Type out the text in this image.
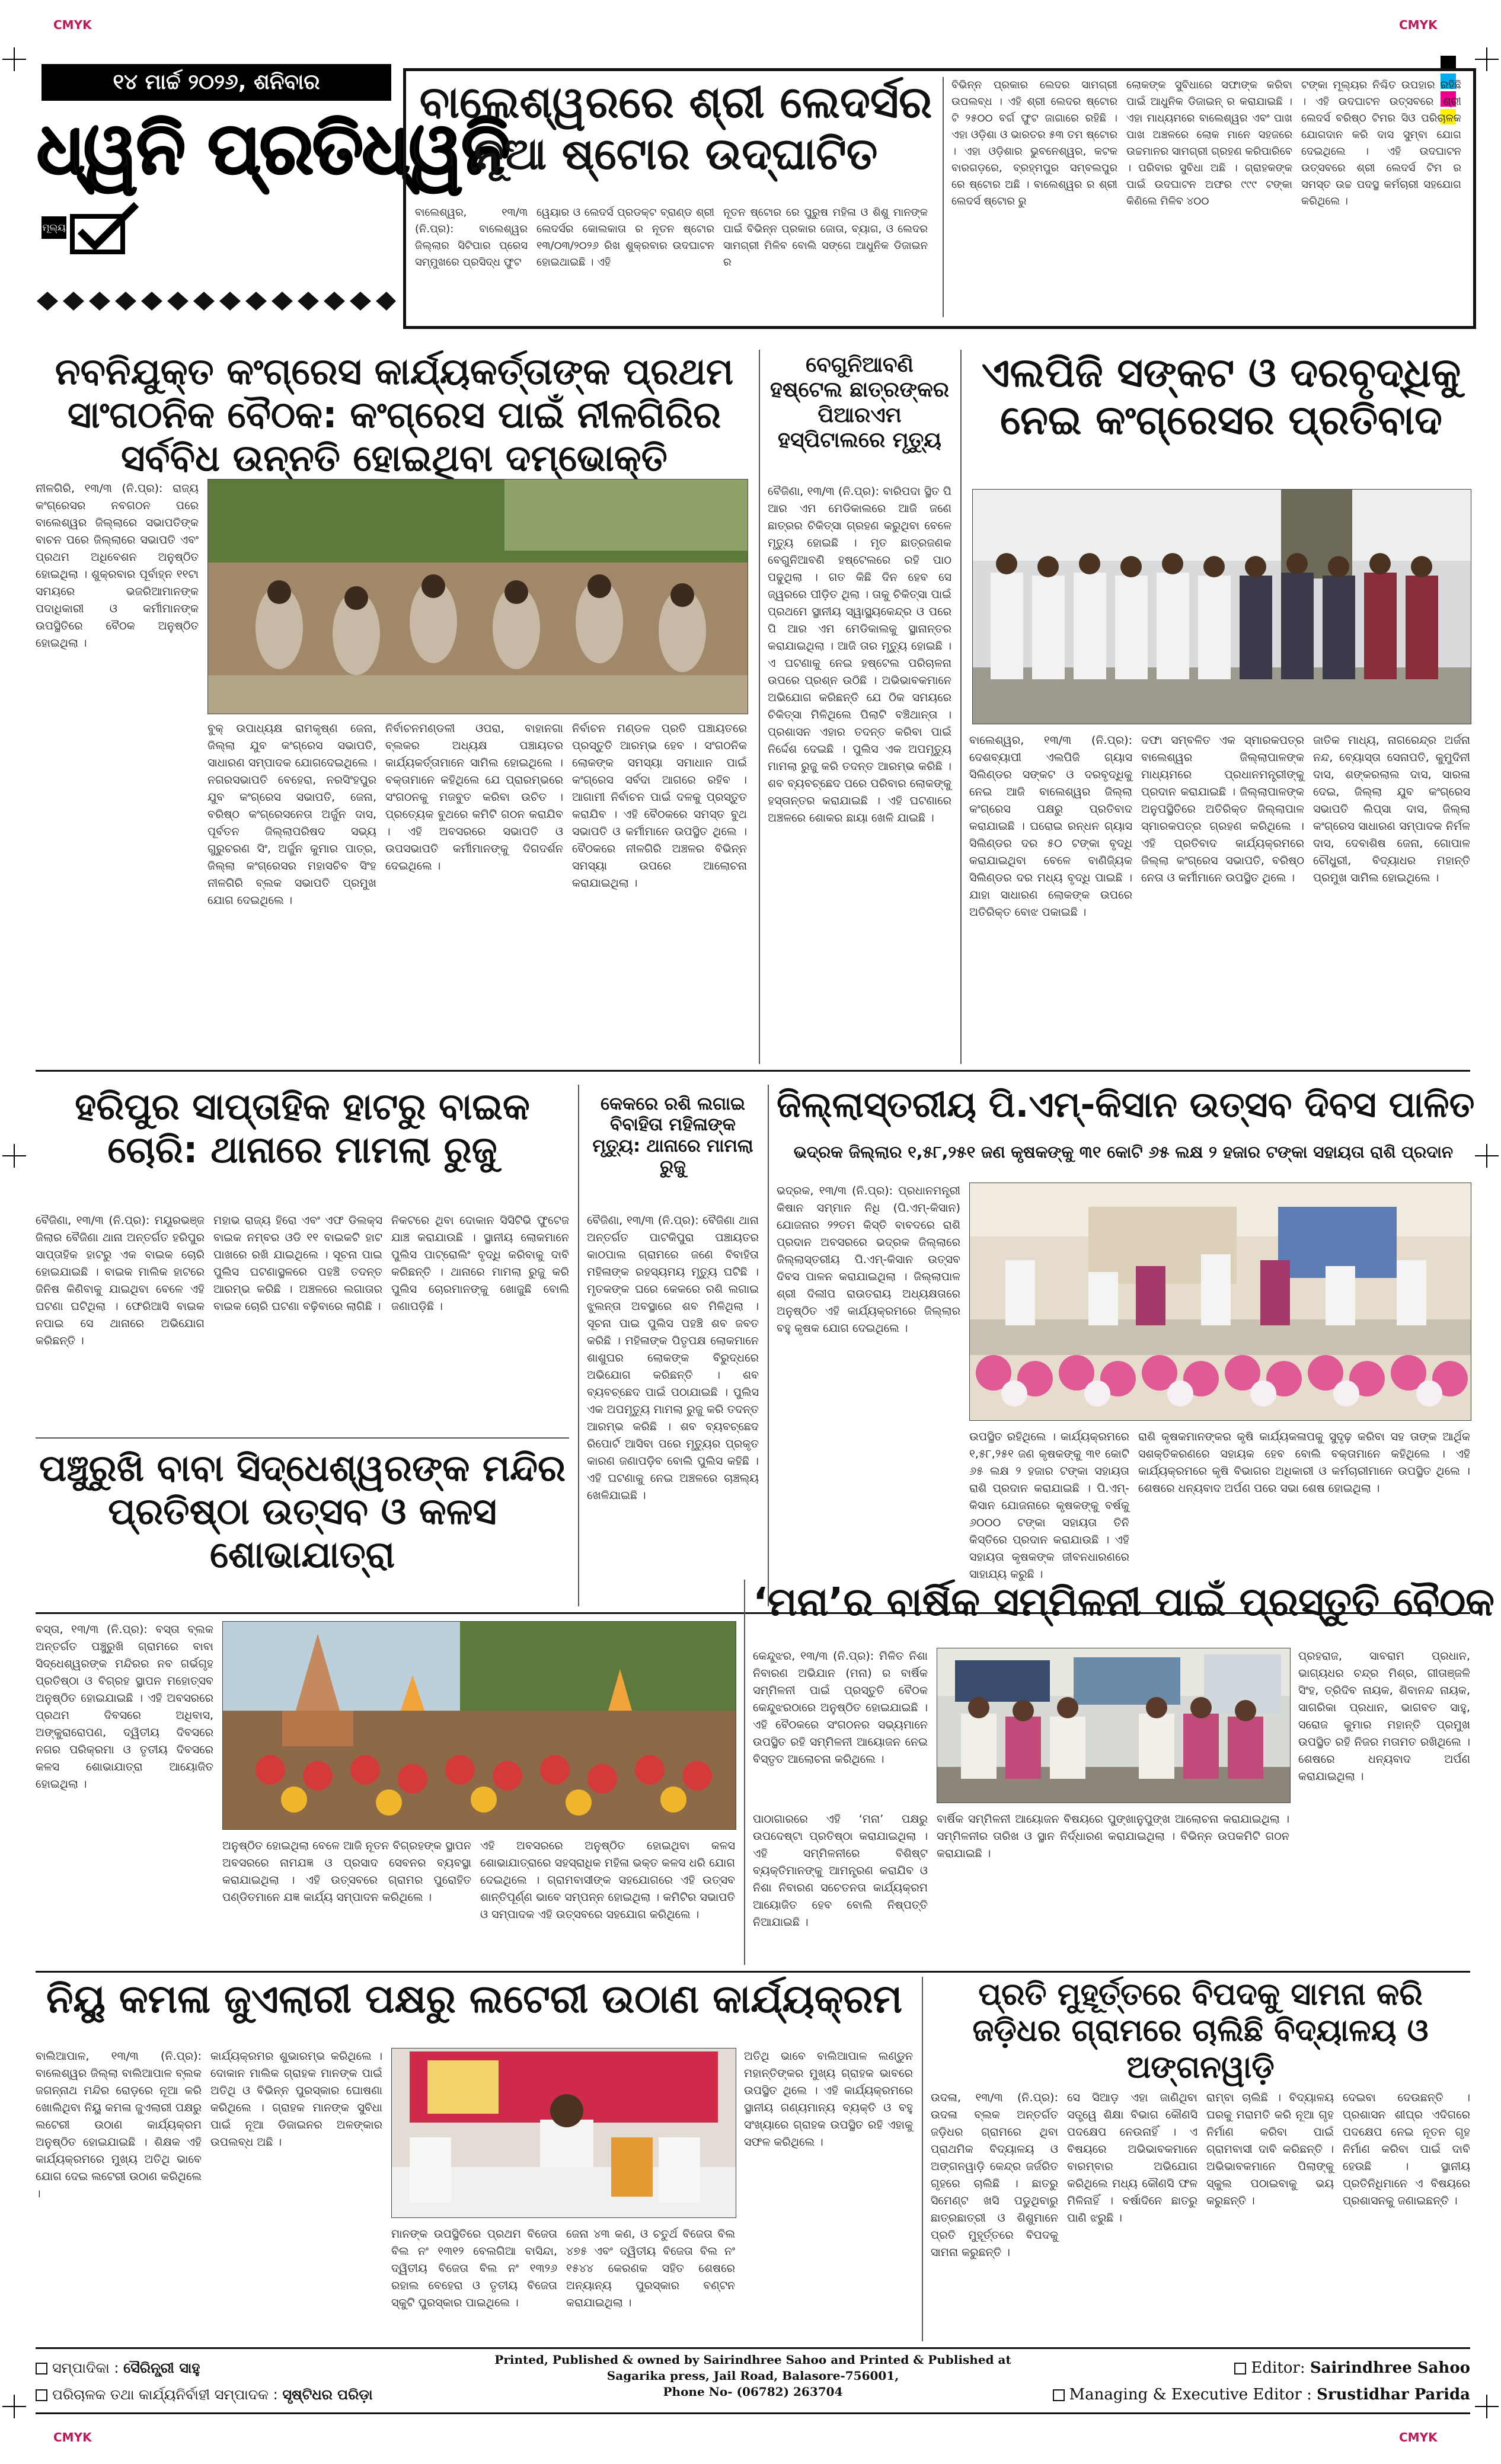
CMYK	CMYK
CMYK	CMYK
୧୪ ମାର୍ଚ୍ଚ ୨୦୨୬, ଶନିବାର
ଧ୍ୱନି ପ୍ରତିଧ୍ୱନି
ମୂଲ୍ୟ
ବାଲେଶ୍ୱରରେ ଶ୍ରୀ ଲେଦର୍ସର ନୂଆ ଷ୍ଟୋର ଉଦ୍‌ଘାଟିତ
ବାଲେଶ୍ୱର, ୧୩/୩ (ନି.ପ୍ର): ବାଲେଶ୍ୱର ଜିଲ୍ଲାର ସିଟିପାର ପ୍ରେସ ସମ୍ମୁଖରେ ପ୍ରସିଦ୍ଧ ଫୁଟ
ୱେୟାର ଓ ଲେଦର୍ସ ପ୍ରଡକ୍ଟ ବ୍ରାଣ୍ଡ ଶ୍ରୀ ଲେଦର୍ସର କୋଲକାତା ର ନୂତନ ଷ୍ଟୋର ୧୩/୦୩/୨୦୨୬ ରିଖ ଶୁକ୍ରବାର ଉଦଘାଟନ ହୋଇଥାଇଛି । ଏହି
ନୂତନ ଷ୍ଟୋର ରେ ପୁରୁଷ ମହିଳା ଓ ଶିଶୁ ମାନଙ୍କ ପାଇଁ ବିଭିନ୍ନ ପ୍ରକାର ଜୋତା, ବ୍ୟାଗ, ଓ ଲେଦର ସାମଗ୍ରୀ ମିଳିବ ବୋଲି ସଙ୍ଗେ ଆଧୁନିକ ଡିଜାଇନ ର
ବିଭିନ୍ନ ପ୍ରକାର ଲେଦର ସାମଗ୍ରୀ ଉପଲବ୍ଧ । ଏହି ଶ୍ରୀ ଲେଦର ଷ୍ଟୋର ଟି ୨୫୦୦ ବର୍ଗ ଫୁଟ ଜାଗାରେ ରହିଛି । ଏହା ଓଡ଼ିଶା ଓ ଭାରତର ୫୩ ତମ ଷ୍ଟୋର । ଏହା ଓଡ଼ିଶାର ଭୁବନେଶ୍ୱର, କଟକ ବାରଗଡ଼ରେ, ବ୍ରହ୍ମପୁର ସମ୍ବଲପୁର ରେ ଷ୍ଟୋର ଅଛି । ବାଲେଶ୍ୱର ର ଶ୍ରୀ ଲେଦର୍ସ ଷ୍ଟୋର ରୁ
ଲୋକଙ୍କ ସୁବିଧାରେ ସଫାଙ୍କ କରିବା ପାଇଁ ଆଧୁନିକ ଡିଜାଇନ୍ ର କରାଯାଇଛି । ଏହା ମାଧ୍ୟମରେ ବାଲେଶ୍ୱର ଏବଂ ପାଖ ପାଖ ଅଞ୍ଚଳରେ ଲୋକ ମାନେ ସହଜରେ ଉଚ୍ଚମାନର ସାମଗ୍ରୀ ଗ୍ରହଣ କରିପାରିବେ । ପରିବାର ସୁବିଧା ଅଛି । ଗ୍ରାହକଙ୍କ ପାଇଁ ଉଦଘାଟନ ଅଫର ୯୯୯ ଟଙ୍କା କିଣିଲେ ମିଳିବ ୪୦୦
ଟଙ୍କା ମୂଲ୍ୟର ନିଶ୍ଚିତ ଉପହାର ରହିଛି । ଏହି ଉଦଘାଟନ ଉତ୍ସବରେ ଶ୍ରୀ ଲେଦର୍ସ ବରିଷ୍ଠ ଟିମର ସିଓ ପରିଚାଳକ ଯୋଗଦାନ କରି ଦାସ ସୁମ୍ବା ଯୋଗ ଦେଇଥିଲେ । ଏହି ଉଦଘାଟନ ଉତ୍ସବରେ ଶ୍ରୀ ଲେଦର୍ସ ଟିମ ର ସମସ୍ତ ଉଚ୍ଚ ପଦସ୍ଥ କର୍ମଚାରୀ ସହଯୋଗ କରିଥିଲେ ।
ନବନିଯୁକ୍ତ କଂଗ୍ରେସ କାର୍ଯ୍ୟକର୍ତ୍ତାଙ୍କ ପ୍ରଥମ ସାଂଗଠନିକ ବୈଠକ: କଂଗ୍ରେସ ପାଇଁ ନୀଳଗିରିର ସର୍ବବିଧ ଉନ୍ନତି ହୋଇଥିବା ଦମ୍ଭୋକ୍ତି
ନୀଳଗିରି, ୧୩/୩ (ନି.ପ୍ର): ରାଜ୍ୟ କଂଗ୍ରେସର ନବଗଠନ ପରେ ବାଲେଶ୍ୱର ଜିଲ୍ଲାରେ ସଭାପତିଙ୍କ ବାଚନ ପରେ ଜିଲ୍ଲାରେ ସଭାପତି ଏବଂ ପ୍ରଥମ ଅଧିବେଶନ ଅନୁଷ୍ଠିତ ହୋଇଥିଲା । ଶୁକ୍ରବାର ପୂର୍ବାହ୍ନ ୧୧ଟା ସମୟରେ ଭଜରିଆମାନଙ୍କ ପଦାଧିକାରୀ ଓ କର୍ମୀମାନଙ୍କ ଉପସ୍ଥିତିରେ ବୈଠକ ଅନୁଷ୍ଠିତ ହୋଇଥିଲା ।
ବୁକ୍ ଉପାଧ୍ୟକ୍ଷ ରାମକୃଷ୍ଣ ଜେନା, ଜିଲ୍ଲା ଯୁବ କଂଗ୍ରେସ ସଭାପତି, ସାଧାରଣ ସମ୍ପାଦକ ଯୋଗଦେଇଥିଲେ । ନଗରସଭାପତି ବେହେରା, ନରସିଂହପୁର ଯୁବ କଂଗ୍ରେସ ସଭାପତି, ଜେନା, ବରିଷ୍ଠ କଂଗ୍ରେସନେତା ଅର୍ଜୁନ ଦାସ, ପୂର୍ବତନ ଜିଲ୍ଲାପରିଷଦ ସଭ୍ୟ ଗୁରୁଚରଣ ସିଂ, ଅର୍ଜୁନ କୁମାର ପାତ୍ର, ଜିଲ୍ଲା କଂଗ୍ରେସର ମହାସଚିବ ସିଂହ ନୀଳଗିରି ବ୍ଲକ ସଭାପତି ପ୍ରମୁଖ ଯୋଗ ଦେଇଥିଲେ ।
ନିର୍ବାଚନମଣ୍ଡଳୀ ଓପରା, ବାହାନଗା ବ୍ଲକର ଅଧ୍ୟକ୍ଷ ପଞ୍ଚାୟତର କାର୍ଯ୍ୟକର୍ତ୍ତାମାନେ ସାମିଲ ହୋଇଥିଲେ । ବକ୍ତାମାନେ କହିଥିଲେ ଯେ ପ୍ରାରମ୍ଭରେ ସଂଗଠନକୁ ମଜବୁତ କରିବା ଉଚିତ । ପ୍ରତ୍ୟେକ ବୁଥରେ କମିଟି ଗଠନ କରାଯିବ । ଏହି ଅବସରରେ ସଭାପତି ଓ ଉପସଭାପତି କର୍ମୀମାନଙ୍କୁ ଦିଗଦର୍ଶନ ଦେଇଥିଲେ ।
ନିର୍ବାଚନ ମଣ୍ଡଳ ପ୍ରତି ପଞ୍ଚାୟତରେ ପ୍ରସ୍ତୁତି ଆରମ୍ଭ ହେବ । ସଂଗଠନିକ ଲୋକଙ୍କ ସମସ୍ୟା ସମାଧାନ ପାଇଁ କଂଗ୍ରେସ ସର୍ବଦା ଆଗରେ ରହିବ । ଆଗାମୀ ନିର୍ବାଚନ ପାଇଁ ଦଳକୁ ପ୍ରସ୍ତୁତ କରାଯିବ । ଏହି ବୈଠକରେ ସମସ୍ତ ବୁଥ ସଭାପତି ଓ କର୍ମୀମାନେ ଉପସ୍ଥିତ ଥିଲେ । ବୈଠକରେ ନୀଳଗିରି ଅଞ୍ଚଳର ବିଭିନ୍ନ ସମସ୍ୟା ଉପରେ ଆଲୋଚନା କରାଯାଇଥିଲା ।
ବେଗୁନିଆବଣି ହଷ୍ଟେଲ ଛାତ୍ରଙ୍କର ପିଆରଏମ ହସ୍ପିଟାଲରେ ମୃତ୍ୟୁ
ବୈଜିଣା, ୧୩/୩ (ନି.ପ୍ର): ବାରିପଦା ସ୍ଥିତ ପି ଆର ଏମ ମେଡିକାଲରେ ଆଜି ଜଣେ ଛାତ୍ରର ଚିକିତ୍ସା ଗ୍ରହଣ କରୁଥିବା ବେଳେ ମୃତ୍ୟୁ ହୋଇଛି । ମୃତ ଛାତ୍ରଜଣକ ବେଗୁନିଆବଣି ହଷ୍ଟେଲରେ ରହି ପାଠ ପଢୁଥିଲା । ଗତ କିଛି ଦିନ ହେବ ସେ ଜ୍ୱରରେ ପୀଡ଼ିତ ଥିଲା । ତାକୁ ଚିକିତ୍ସା ପାଇଁ ପ୍ରଥମେ ସ୍ଥାନୀୟ ସ୍ୱାସ୍ଥ୍ୟକେନ୍ଦ୍ର ଓ ପରେ ପି ଆର ଏମ ମେଡିକାଲକୁ ସ୍ଥାନାନ୍ତର କରାଯାଇଥିଲା । ଆଜି ତାର ମୃତ୍ୟୁ ହୋଇଛି । ଏ ଘଟଣାକୁ ନେଇ ହଷ୍ଟେଲ ପରିଚାଳନା ଉପରେ ପ୍ରଶ୍ନ ଉଠିଛି । ଅଭିଭାବକମାନେ ଅଭିଯୋଗ କରିଛନ୍ତି ଯେ ଠିକ ସମୟରେ ଚିକିତ୍ସା ମିଳିଥିଲେ ପିଲାଟି ବଞ୍ଚିଥାନ୍ତା । ପ୍ରଶାସନ ଏହାର ତଦନ୍ତ କରିବା ପାଇଁ ନିର୍ଦ୍ଦେଶ ଦେଇଛି । ପୁଲିସ ଏକ ଅପମୃତ୍ୟୁ ମାମଲା ରୁଜୁ କରି ତଦନ୍ତ ଆରମ୍ଭ କରିଛି । ଶବ ବ୍ୟବଚ୍ଛେଦ ପରେ ପରିବାର ଲୋକଙ୍କୁ ହସ୍ତାନ୍ତର କରାଯାଇଛି । ଏହି ଘଟଣାରେ ଅଞ୍ଚଳରେ ଶୋକର ଛାୟା ଖେଳି ଯାଇଛି ।
ଏଲପିଜି ସଙ୍କଟ ଓ ଦରବୃଦ୍ଧିକୁ ନେଇ କଂଗ୍ରେସର ପ୍ରତିବାଦ
ବାଲେଶ୍ୱର, ୧୩/୩ (ନି.ପ୍ର): ଦେଶବ୍ୟାପୀ ଏଲପିଜି ଗ୍ୟାସ ସିଲିଣ୍ଡର ସଙ୍କଟ ଓ ଦରବୃଦ୍ଧିକୁ ନେଇ ଆଜି ବାଲେଶ୍ୱର ଜିଲ୍ଲା କଂଗ୍ରେସ ପକ୍ଷରୁ ପ୍ରତିବାଦ କରାଯାଇଛି । ଘରୋଇ ରନ୍ଧନ ଗ୍ୟାସ ସିଲିଣ୍ଡର ଦର ୫୦ ଟଙ୍କା ବୃଦ୍ଧି କରାଯାଇଥିବା ବେଳେ ବାଣିଜ୍ୟିକ ସିଲିଣ୍ଡର ଦର ମଧ୍ୟ ବୃଦ୍ଧି ପାଇଛି । ଯାହା ସାଧାରଣ ଲୋକଙ୍କ ଉପରେ ଅତିରିକ୍ତ ବୋଝ ପକାଇଛି ।
ଦଫା ସମ୍ବଳିତ ଏକ ସ୍ମାରକପତ୍ର ବାଲେଶ୍ୱର ଜିଲ୍ଲାପାଳଙ୍କ ମାଧ୍ୟମରେ ପ୍ରଧାନମନ୍ତ୍ରୀଙ୍କୁ ପ୍ରଦାନ କରାଯାଇଛି । ଜିଲ୍ଲାପାଳଙ୍କ ଅନୁପସ୍ଥିତିରେ ଅତିରିକ୍ତ ଜିଲ୍ଲାପାଳ ସ୍ମାରକପତ୍ର ଗ୍ରହଣ କରିଥିଲେ । ଏହି ପ୍ରତିବାଦ କାର୍ଯ୍ୟକ୍ରମରେ ଜିଲ୍ଲା କଂଗ୍ରେସ ସଭାପତି, ବରିଷ୍ଠ ନେତା ଓ କର୍ମୀମାନେ ଉପସ୍ଥିତ ଥିଲେ ।
ଜାତିକ ମାଧ୍ୟ, ନାଗରେନ୍ଦ୍ର ଅର୍ଜନା ନନ୍ଦ, ବ୍ୟୋସ୍ତା ସେନାପତି, କୁମୁଦିନୀ ଦାସ, ଶଙ୍କରଲାଲ ଦାସ, ସାରଳା ଦେଇ, ଜିଲ୍ଲା ଯୁବ କଂଗ୍ରେସ ସଭାପତି ଲିପ୍ସା ଦାସ, ଜିଲ୍ଲା କଂଗ୍ରେସ ସାଧାରଣ ସମ୍ପାଦକ ନିର୍ମଳ ଦାସ, ଦେବାଶିଷ ଜେନା, ଗୋପାଳ ଚୌଧୁରୀ, ବିଦ୍ୟାଧର ମହାନ୍ତି ପ୍ରମୁଖ ସାମିଲ ହୋଇଥିଲେ ।
ହରିପୁର ସାପ୍ତାହିକ ହାଟରୁ ବାଇକ ଚୋରି: ଥାନାରେ ମାମଲା ରୁଜୁ
ବୈଜିଣା, ୧୩/୩ (ନି.ପ୍ର): ମୟୂରଭଞ୍ଜ ଜିଲାର ବୈଜିଣା ଥାନା ଅନ୍ତର୍ଗତ ହରିପୁର ସାପ୍ତାହିକ ହାଟରୁ ଏକ ବାଇକ ଚୋରି ହୋଇଯାଇଛି । ବାଇକ ମାଲିକ ହାଟରେ ଜିନିଷ କିଣିବାକୁ ଯାଇଥିବା ବେଳେ ଏହି ଘଟଣା ଘଟିଥିଲା । ଫେରିଆସି ବାଇକ ନପାଇ ସେ ଥାନାରେ ଅଭିଯୋଗ କରିଛନ୍ତି ।
ମହାଭ ରାଜ୍ୟ ହିରୋ ଏବଂ ଏଫ ଡିଲକ୍ସ ବାଇକ ନମ୍ବର ଓଡି ୧୧ ବାଇକଟି ହାଟ ପାଖରେ ରଖି ଯାଇଥିଲେ । ସୂଚନା ପାଇ ପୁଲିସ ଘଟଣାସ୍ଥଳରେ ପହଞ୍ଚି ତଦନ୍ତ ଆରମ୍ଭ କରିଛି । ଅଞ୍ଚଳରେ ଲଗାତାର ବାଇକ ଚୋରି ଘଟଣା ବଢ଼ିବାରେ ଲାଗିଛି ।
ନିକଟରେ ଥିବା ଦୋକାନ ସିସିଟିଭି ଫୁଟେଜ ଯାଞ୍ଚ କରାଯାଉଛି । ସ୍ଥାନୀୟ ଲୋକମାନେ ପୁଲିସ ପାଟ୍ରୋଲିଂ ବୃଦ୍ଧି କରିବାକୁ ଦାବି କରିଛନ୍ତି । ଥାନାରେ ମାମଲା ରୁଜୁ କରି ପୁଲିସ ଚୋରମାନଙ୍କୁ ଖୋଜୁଛି ବୋଲି ଜଣାପଡ଼ିଛି ।
କେକରେ ରଶି ଲଗାଇ ବିବାହିତା ମହିଳାଙ୍କ ମୃତ୍ୟୁ: ଥାନାରେ ମାମଲା ରୁଜୁ
ବୈଜିଣା, ୧୩/୩ (ନି.ପ୍ର): ବୈଜିଣା ଥାନା ଅନ୍ତର୍ଗତ ପାଟକିପୁରା ପଞ୍ଚାୟତର କାଠପାଲ ଗ୍ରାମରେ ଜଣେ ବିବାହିତା ମହିଳାଙ୍କ ରହସ୍ୟମୟ ମୃତ୍ୟୁ ଘଟିଛି । ମୃତକଙ୍କ ଘରେ କେକରେ ରଶି ଲଗାଇ ଝୁଲନ୍ତା ଅବସ୍ଥାରେ ଶବ ମିଳିଥିଲା । ସୂଚନା ପାଇ ପୁଲିସ ପହଞ୍ଚି ଶବ ଜବତ କରିଛି । ମହିଳାଙ୍କ ପିତୃପକ୍ଷ ଲୋକମାନେ ଶାଶୁଘର ଲୋକଙ୍କ ବିରୁଦ୍ଧରେ ଅଭିଯୋଗ କରିଛନ୍ତି । ଶବ ବ୍ୟବଚ୍ଛେଦ ପାଇଁ ପଠାଯାଇଛି । ପୁଲିସ ଏକ ଅପମୃତ୍ୟୁ ମାମଲା ରୁଜୁ କରି ତଦନ୍ତ ଆରମ୍ଭ କରିଛି । ଶବ ବ୍ୟବଚ୍ଛେଦ ରିପୋର୍ଟ ଆସିବା ପରେ ମୃତ୍ୟୁର ପ୍ରକୃତ କାରଣ ଜଣାପଡ଼ିବ ବୋଲି ପୁଲିସ କହିଛି । ଏହି ଘଟଣାକୁ ନେଇ ଅଞ୍ଚଳରେ ଚାଞ୍ଚଲ୍ୟ ଖେଳିଯାଇଛି ।
ଜିଲ୍ଲାସ୍ତରୀୟ ପି.ଏମ୍-କିସାନ ଉତ୍ସବ ଦିବସ ପାଳିତ
ଭଦ୍ରକ ଜିଲ୍ଲାର ୧,୫୮,୨୫୧ ଜଣ କୃଷକଙ୍କୁ ୩୧ କୋଟି ୬୫ ଲକ୍ଷ ୨ ହଜାର ଟଙ୍କା ସହାୟତା ରାଶି ପ୍ରଦାନ
ଭଦ୍ରକ, ୧୩/୩ (ନି.ପ୍ର): ପ୍ରଧାନମନ୍ତ୍ରୀ କିଷାନ ସମ୍ମାନ ନିଧି (ପି.ଏମ୍-କିସାନ) ଯୋଜନାର ୨୨ତମ କିସ୍ତି ବାବଦରେ ରାଶି ପ୍ରଦାନ ଅବସରରେ ଭଦ୍ରକ ଜିଲ୍ଲାରେ ଜିଲ୍ଲାସ୍ତରୀୟ ପି.ଏମ୍-କିସାନ ଉତ୍ସବ ଦିବସ ପାଳନ କରାଯାଇଥିଲା । ଜିଲ୍ଲାପାଳ ଶ୍ରୀ ଦିଲୀପ ରାଉତରାୟ ଅଧ୍ୟକ୍ଷତାରେ ଅନୁଷ୍ଠିତ ଏହି କାର୍ଯ୍ୟକ୍ରମରେ ଜିଲ୍ଲାର ବହୁ କୃଷକ ଯୋଗ ଦେଇଥିଲେ ।
ଉପସ୍ଥିତ ରହିଥିଲେ । କାର୍ଯ୍ୟକ୍ରମରେ ୧,୫୮,୨୫୧ ଜଣ କୃଷକଙ୍କୁ ୩୧ କୋଟି ୬୫ ଲକ୍ଷ ୨ ହଜାର ଟଙ୍କା ସହାୟତା ରାଶି ପ୍ରଦାନ କରାଯାଇଛି । ପି.ଏମ୍-କିସାନ ଯୋଜନାରେ କୃଷକଙ୍କୁ ବର୍ଷକୁ ୬୦୦୦ ଟଙ୍କା ସହାୟତା ତିନି କିସ୍ତିରେ ପ୍ରଦାନ କରାଯାଉଛି । ଏହି ସହାୟତା କୃଷକଙ୍କ ଜୀବନଧାରଣରେ ସାହାଯ୍ୟ କରୁଛି ।
ରାଶି କୃଷକମାନଙ୍କର କୃଷି କାର୍ଯ୍ୟକଳାପକୁ ସୁଦୃଢ଼ କରିବା ସହ ତାଙ୍କ ଆର୍ଥିକ ସଶକ୍ତିକରଣରେ ସହାୟକ ହେବ ବୋଲି ବକ୍ତାମାନେ କହିଥିଲେ । ଏହି କାର୍ଯ୍ୟକ୍ରମରେ କୃଷି ବିଭାଗର ଅଧିକାରୀ ଓ କର୍ମଚାରୀମାନେ ଉପସ୍ଥିତ ଥିଲେ । ଶେଷରେ ଧନ୍ୟବାଦ ଅର୍ପଣ ପରେ ସଭା ଶେଷ ହୋଇଥିଲା ।
ପଞ୍ଚୁରୁଖି ବାବା ସିଦ୍ଧେଶ୍ୱରଙ୍କ ମନ୍ଦିର ପ୍ରତିଷ୍ଠା ଉତ୍ସବ ଓ କଳସ ଶୋଭାଯାତ୍ରା
ବସ୍ତା, ୧୩/୩ (ନି.ପ୍ର): ବସ୍ତା ବ୍ଲକ ଅନ୍ତର୍ଗତ ପଞ୍ଚୁରୁଖି ଗ୍ରାମରେ ବାବା ସିଦ୍ଧେଶ୍ୱରଙ୍କ ମନ୍ଦିରର ନବ ଗର୍ଭଗୃହ ପ୍ରତିଷ୍ଠା ଓ ବିଗ୍ରହ ସ୍ଥାପନ ମହୋତ୍ସବ ଅନୁଷ୍ଠିତ ହୋଇଯାଇଛି । ଏହି ଅବସରରେ ପ୍ରଥମ ଦିବସରେ ଅଧିବାସ, ଅଙ୍କୁରାରୋପଣ, ଦ୍ୱିତୀୟ ଦିବସରେ ନଗର ପରିକ୍ରମା ଓ ତୃତୀୟ ଦିବସରେ କଳସ ଶୋଭାଯାତ୍ରା ଆୟୋଜିତ ହୋଇଥିଲା ।
ଅନୁଷ୍ଠିତ ହୋଇଥିଲା ବେଳେ ଆଜି ନୂତନ ବିଗ୍ରହଙ୍କ ସ୍ଥାପନ ଅବସରରେ ନାମଯଜ୍ଞ ଓ ପ୍ରସାଦ ସେବନର ବ୍ୟବସ୍ଥା କରାଯାଇଥିଲା । ଏହି ଉତ୍ସବରେ ଗ୍ରାମର ପୁରୋହିତ ପଣ୍ଡିତମାନେ ଯଜ୍ଞ କାର୍ଯ୍ୟ ସମ୍ପାଦନ କରିଥିଲେ ।
ଏହି ଅବସରରେ ଅନୁଷ୍ଠିତ ହୋଇଥିବା କଳସ ଶୋଭାଯାତ୍ରାରେ ସହସ୍ରାଧିକ ମହିଳା ଭକ୍ତ କଳସ ଧରି ଯୋଗ ଦେଇଥିଲେ । ଗ୍ରାମବାସୀଙ୍କ ସହଯୋଗରେ ଏହି ଉତ୍ସବ ଶାନ୍ତିପୂର୍ଣ୍ଣ ଭାବେ ସମ୍ପନ୍ନ ହୋଇଥିଲା । କମିଟିର ସଭାପତି ଓ ସମ୍ପାଦକ ଏହି ଉତ୍ସବରେ ସହଯୋଗ କରିଥିଲେ ।
‘ମନା’ର ବାର୍ଷିକ ସମ୍ମିଳନୀ ପାଇଁ ପ୍ରସ୍ତୁତି ବୈଠକ
କେନ୍ଦୁଝର, ୧୩/୩ (ନି.ପ୍ର): ମିଳିତ ନିଶା ନିବାରଣ ଅଭିଯାନ (ମନା) ର ବାର୍ଷିକ ସମ୍ମିଳନୀ ପାଇଁ ପ୍ରସ୍ତୁତି ବୈଠକ କେନ୍ଦୁଝରଠାରେ ଅନୁଷ୍ଠିତ ହୋଇଯାଇଛି । ଏହି ବୈଠକରେ ସଂଗଠନର ସଭ୍ୟମାନେ ଉପସ୍ଥିତ ରହି ସମ୍ମିଳନୀ ଆୟୋଜନ ନେଇ ବିସ୍ତୃତ ଆଲୋଚନା କରିଥିଲେ ।
ପ୍ରହରାଜ, ସାବରାମ ପ୍ରଧାନ, ଭାଗ୍ୟଧର ଚନ୍ଦ୍ର ମିଶ୍ର, ଗୀତାଞ୍ଜଳି ସିଂହ, ତ୍ରିଦିବ ନାୟକ, ଶିବାନନ୍ଦ ନାୟକ, ସାଗରିକା ପ୍ରଧାନ, ଭାଗବତ ସାହୁ, ସରୋଜ କୁମାର ମହାନ୍ତି ପ୍ରମୁଖ ଉପସ୍ଥିତ ରହି ନିଜର ମତାମତ ରଖିଥିଲେ । ଶେଷରେ ଧନ୍ୟବାଦ ଅର୍ପଣ କରାଯାଇଥିଲା ।
ପାଠାଗାରରେ ଏହି ‘ମନା’ ପକ୍ଷରୁ ଉପଦେଷ୍ଟା ପ୍ରତିଷ୍ଠା କରାଯାଇଥିଲା । ଏହି ସମ୍ମିଳନୀରେ ବିଶିଷ୍ଟ ବ୍ୟକ୍ତିମାନଙ୍କୁ ଆମନ୍ତ୍ରଣ କରାଯିବ ଓ ନିଶା ନିବାରଣ ସଚେତନତା କାର୍ଯ୍ୟକ୍ରମ ଆୟୋଜିତ ହେବ ବୋଲି ନିଷ୍ପତ୍ତି ନିଆଯାଇଛି ।
ବାର୍ଷିକ ସମ୍ମିଳନୀ ଆୟୋଜନ ବିଷୟରେ ପୁଙ୍ଖାନୁପୁଙ୍ଖ ଆଲୋଚନା କରାଯାଇଥିଲା । ସମ୍ମିଳନୀର ତାରିଖ ଓ ସ୍ଥାନ ନିର୍ଦ୍ଧାରଣ କରାଯାଇଥିଲା । ବିଭିନ୍ନ ଉପକମିଟି ଗଠନ କରାଯାଇଛି ।
ନିୟୁ କମଳା ଜୁଏଲାରୀ ପକ୍ଷରୁ ଲଟେରୀ ଉଠାଣ କାର୍ଯ୍ୟକ୍ରମ
ବାଲିଆପାଳ, ୧୩/୩ (ନି.ପ୍ର): ବାଲେଶ୍ୱର ଜିଲ୍ଲା ବାଲିଆପାଳ ବ୍ଲକ ଜଗନ୍ନାଥ ମନ୍ଦିର ରୋଡ଼ରେ ନୂଆ କରି ଖୋଲିଥିବା ନିୟୁ କମଳା ଜୁଏଲାରୀ ପକ୍ଷରୁ ଲଟେରୀ ଉଠାଣ କାର୍ଯ୍ୟକ୍ରମ ଅନୁଷ୍ଠିତ ହୋଇଯାଇଛି । ଶିକ୍ଷକ ଏହି କାର୍ଯ୍ୟକ୍ରମରେ ମୁଖ୍ୟ ଅତିଥି ଭାବେ ଯୋଗ ଦେଇ ଲଟେରୀ ଉଠାଣ କରିଥିଲେ ।
କାର୍ଯ୍ୟକ୍ରମର ଶୁଭାରମ୍ଭ କରିଥିଲେ । ଦୋକାନ ମାଲିକ ଗ୍ରାହକ ମାନଙ୍କ ପାଇଁ ଅତିଥି ଓ ବିଭିନ୍ନ ପୁରସ୍କାର ଘୋଷଣା କରିଥିଲେ । ଗ୍ରାହକ ମାନଙ୍କ ସୁବିଧା ପାଇଁ ନୂଆ ଡିଜାଇନର ଅଳଙ୍କାର ଉପଲବ୍ଧ ଅଛି ।
ମାନଙ୍କ ଉପସ୍ଥିତିରେ ପ୍ରଥମ ବିଜେତା ବିଲ ନଂ ୧୩୧୨ ବେଲଗିଆ ବାସିନ୍ଦା, ଦ୍ୱିତୀୟ ବିଜେତା ବିଲ ନଂ ୧୩୨୬ ରହାଲ ବେହେରା ଓ ତୃତୀୟ ବିଜେତା ସ୍କୁଟି ପୁରସ୍କାର ପାଇଥିଲେ ।
ଜେନା ୪୩ କଣ, ଓ ଚତୁର୍ଥ ବିଜେତା ବିଲ ୪୭୫ ଏବଂ ଦ୍ୱିତୀୟ ବିଜେତା ବିଲ ନଂ ୧୫୪୪ କେରଣକ ସହିତ ଶେଷରେ ଅନ୍ୟାନ୍ୟ ପୁରସ୍କାର ବଣ୍ଟନ କରାଯାଇଥିଲା ।
ଅତିଥି ଭାବେ ବାଲିଆପାଳ ଲଣ୍ଡୁନ ମହାନ୍ତିଙ୍କର ମୁଖ୍ୟ ଗ୍ରାହକ ଭାବରେ ଉପସ୍ଥିତ ଥିଲେ । ଏହି କାର୍ଯ୍ୟକ୍ରମରେ ସ୍ଥାନୀୟ ଗଣ୍ୟମାନ୍ୟ ବ୍ୟକ୍ତି ଓ ବହୁ ସଂଖ୍ୟାରେ ଗ୍ରାହକ ଉପସ୍ଥିତ ରହି ଏହାକୁ ସଫଳ କରିଥିଲେ ।
ପ୍ରତି ମୁହୂର୍ତ୍ତରେ ବିପଦକୁ ସାମନା କରି ଜଡ଼ିଧର ଗ୍ରାମରେ ଚାଲିଛି ବିଦ୍ୟାଳୟ ଓ ଅଙ୍ଗନୱାଡ଼ି
ଉଦଳା, ୧୩/୩ (ନି.ପ୍ର): ଉଦଳା ବ୍ଲକ ଅନ୍ତର୍ଗତ ଜଡ଼ିଧର ଗ୍ରାମରେ ଥିବା ପ୍ରାଥମିକ ବିଦ୍ୟାଳୟ ଓ ଅଙ୍ଗନୱାଡ଼ି କେନ୍ଦ୍ର ଜର୍ଜରିତ ଗୃହରେ ଚାଲିଛି । ଛାତରୁ ସିମେଣ୍ଟ ଖସି ପଡୁଥିବାରୁ ଛାତ୍ରଛାତ୍ରୀ ଓ ଶିଶୁମାନେ ପ୍ରତି ମୁହୂର୍ତ୍ତରେ ବିପଦକୁ ସାମନା କରୁଛନ୍ତି ।
ସେ ସିଆଡ଼ ଏହା ଜାଣିଥିବା ସତ୍ତ୍ୱେ ଶିକ୍ଷା ବିଭାଗ କୌଣସି ପଦକ୍ଷେପ ନେଉନାହିଁ । ଏ ବିଷୟରେ ଅଭିଭାବକମାନେ ବାରମ୍ବାର ଅଭିଯୋଗ କରିଥିଲେ ମଧ୍ୟ କୌଣସି ଫଳ ମିଳିନାହିଁ । ବର୍ଷାଦିନେ ଛାତରୁ ପାଣି ଝରୁଛି ।
ରାମ୍ବା ଚାଲିଛି । ବିଦ୍ୟାଳୟ ଘରକୁ ମରାମତି କରି ନୂଆ ଗୃହ ନିର୍ମାଣ କରିବା ପାଇଁ ଗ୍ରାମବାସୀ ଦାବି କରିଛନ୍ତି । ଅଭିଭାବକମାନେ ପିଲାଙ୍କୁ ସ୍କୁଲ ପଠାଇବାକୁ ଭୟ କରୁଛନ୍ତି ।
ଦେଇବା ଦେଉଛନ୍ତି । ପ୍ରଶାସନ ଶୀଘ୍ର ଏଦିଗରେ ପଦକ୍ଷେପ ନେଇ ନୂତନ ଗୃହ ନିର୍ମାଣ କରିବା ପାଇଁ ଦାବି ହେଉଛି । ସ୍ଥାନୀୟ ପ୍ରତିନିଧିମାନେ ଏ ବିଷୟରେ ପ୍ରଶାସନକୁ ଜଣାଇଛନ୍ତି ।
ସମ୍ପାଦିକା : ସୈରିନ୍ଧ୍ରୀ ସାହୁ
ପରିଚାଳକ ତଥା କାର୍ଯ୍ୟନିର୍ବାହୀ ସମ୍ପାଦକ : ସୃଷ୍ଟିଧର ପରିଡ଼ା
Printed, Published & owned by Sairindhree Sahoo and Printed & Published at
Sagarika press, Jail Road, Balasore-756001,
Phone No- (06782) 263704
Editor: Sairindhree Sahoo
Managing & Executive Editor : Srustidhar Parida
